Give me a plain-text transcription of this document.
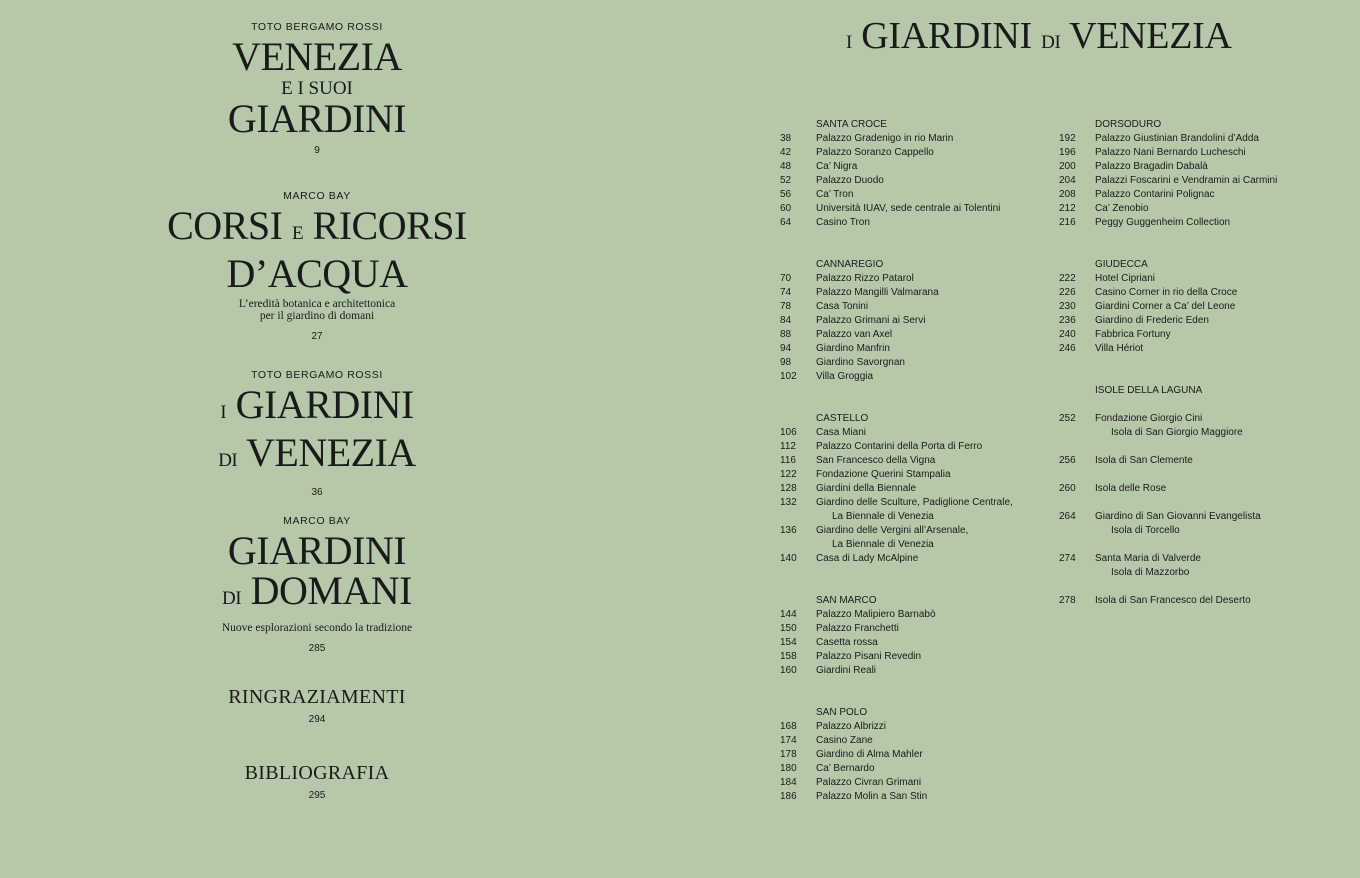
TOTO BERGAMO ROSSI
VENEZIA
E I SUOI
GIARDINI
9
MARCO BAY
CORSI E RICORSI
D’ACQUA
L’eredità botanica e architettonica
per il giardino di domani
27
TOTO BERGAMO ROSSI
I GIARDINI
DI VENEZIA
36
MARCO BAY
GIARDINI
DI DOMANI
Nuove esplorazioni secondo la tradizione
285
RINGRAZIAMENTI
294
BIBLIOGRAFIA
295
I GIARDINI DI VENEZIA
SANTA CROCE
38	Palazzo Gradenigo in rio Marin
42	Palazzo Soranzo Cappello
48	Ca’ Nigra
52	Palazzo Duodo
56	Ca’ Tron
60	Università IUAV, sede centrale ai Tolentini
64	Casino Tron
CANNAREGIO
70	Palazzo Rizzo Patarol
74	Palazzo Mangilli Valmarana
78	Casa Tonini
84	Palazzo Grimani ai Servi
88	Palazzo van Axel
94	Giardino Manfrin
98	Giardino Savorgnan
102	Villa Groggia
CASTELLO
106	Casa Miani
112	Palazzo Contarini della Porta di Ferro
116	San Francesco della Vigna
122	Fondazione Querini Stampalia
128	Giardini della Biennale
132	Giardino delle Sculture, Padiglione Centrale,
La Biennale di Venezia
136	Giardino delle Vergini all’Arsenale,
La Biennale di Venezia
140	Casa di Lady McAlpine
SAN MARCO
144	Palazzo Malipiero Barnabò
150	Palazzo Franchetti
154	Casetta rossa
158	Palazzo Pisani Revedin
160	Giardini Reali
SAN POLO
168	Palazzo Albrizzi
174	Casino Zane
178	Giardino di Alma Mahler
180	Ca’ Bernardo
184	Palazzo Civran Grimani
186	Palazzo Molin a San Stin
DORSODURO
192	Palazzo Giustinian Brandolini d’Adda
196	Palazzo Nani Bernardo Lucheschi
200	Palazzo Bragadin Dabalà
204	Palazzi Foscarini e Vendramin ai Carmini
208	Palazzo Contarini Polignac
212	Ca’ Zenobio
216	Peggy Guggenheim Collection
GIUDECCA
222	Hotel Cipriani
226	Casino Corner in rio della Croce
230	Giardini Corner a Ca’ del Leone
236	Giardino di Frederic Eden
240	Fabbrica Fortuny
246	Villa Hériot
ISOLE DELLA LAGUNA
252	Fondazione Giorgio Cini
Isola di San Giorgio Maggiore
256	Isola di San Clemente
260	Isola delle Rose
264	Giardino di San Giovanni Evangelista
Isola di Torcello
274	Santa Maria di Valverde
Isola di Mazzorbo
278	Isola di San Francesco del Deserto
